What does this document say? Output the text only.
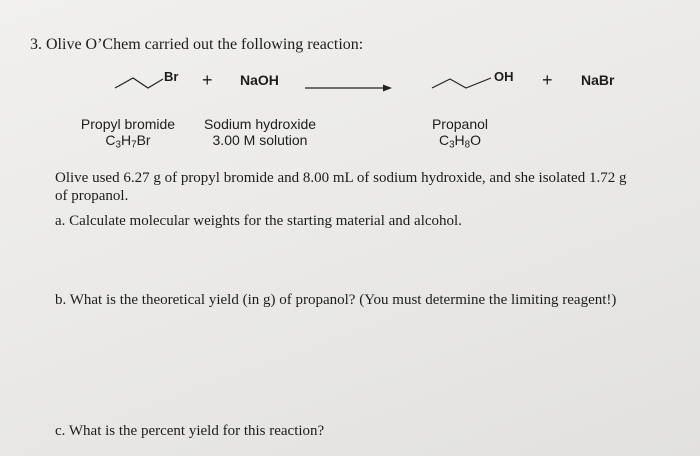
3. Olive O’Chem carried out the following reaction:
Br + NaOH	OH + NaBr
Propyl bromide
$C_3H_7Br$
Sodium hydroxide
3.00 M solution
Propanol
$C_3H_8O$
Olive used 6.27 g of propyl bromide and 8.00 mL of sodium hydroxide, and she isolated 1.72 g
of propanol.
a. Calculate molecular weights for the starting material and alcohol.
b. What is the theoretical yield (in g) of propanol? (You must determine the limiting reagent!)
c. What is the percent yield for this reaction?
